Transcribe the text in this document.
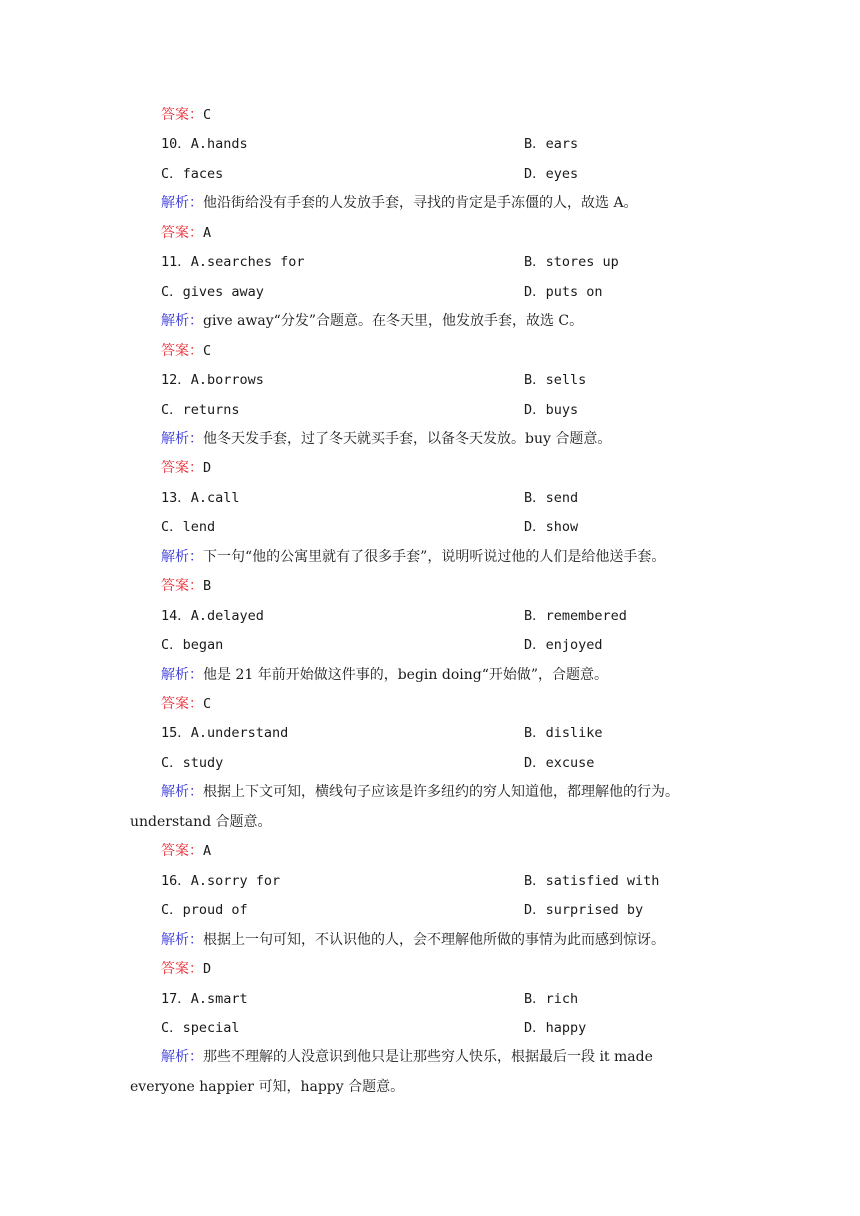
答案：C
10．A.hands	B．ears
C．faces	D．eyes
解析：他沿街给没有手套的人发放手套，寻找的肯定是手冻僵的人，故选 A。
答案：A
11．A.searches for	B．stores up
C．gives away	D．puts on
解析：give away“分发”合题意。在冬天里，他发放手套，故选 C。
答案：C
12．A.borrows	B．sells
C．returns	D．buys
解析：他冬天发手套，过了冬天就买手套，以备冬天发放。buy 合题意。
答案：D
13．A.call	B．send
C．lend	D．show
解析：下一句“他的公寓里就有了很多手套”，说明听说过他的人们是给他送手套。
答案：B
14．A.delayed	B．remembered
C．began	D．enjoyed
解析：他是 21 年前开始做这件事的，begin doing“开始做”，合题意。
答案：C
15．A.understand	B．dislike
C．study	D．excuse
解析：根据上下文可知，横线句子应该是许多纽约的穷人知道他，都理解他的行为。
understand 合题意。
答案：A
16．A.sorry for	B．satisfied with
C．proud of	D．surprised by
解析：根据上一句可知，不认识他的人，会不理解他所做的事情为此而感到惊讶。
答案：D
17．A.smart	B．rich
C．special	D．happy
解析：那些不理解的人没意识到他只是让那些穷人快乐，根据最后一段 it made
everyone happier 可知，happy 合题意。
